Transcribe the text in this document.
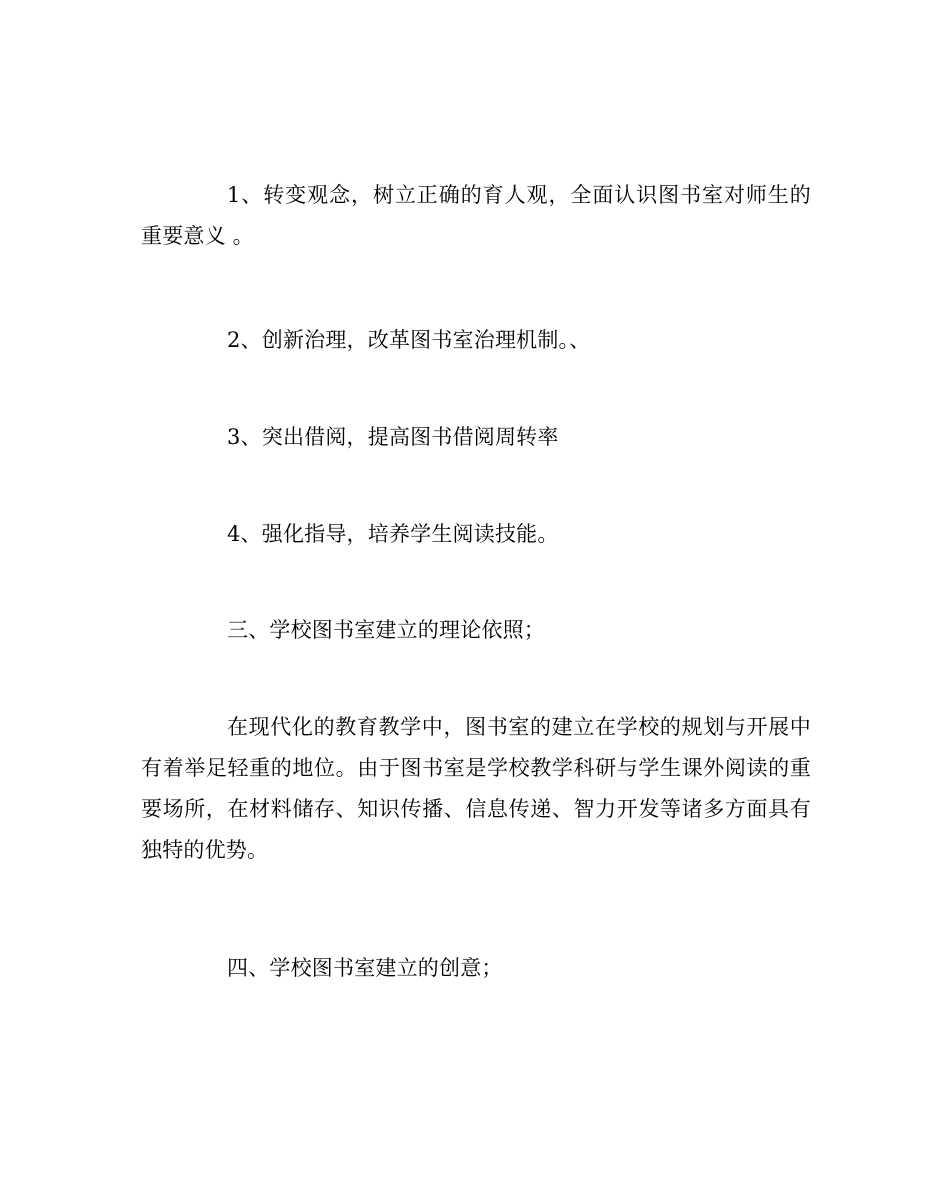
1、转变观念，树立正确的育人观，全面认识图书室对师生的重要意义 。

2、创新治理，改革图书室治理机制。、

3、突出借阅，提高图书借阅周转率

4、强化指导，培养学生阅读技能。

三、学校图书室建立的理论依照；

在现代化的教育教学中，图书室的建立在学校的规划与开展中有着举足轻重的地位。由于图书室是学校教学科研与学生课外阅读的重要场所，在材料储存、知识传播、信息传递、智力开发等诸多方面具有独特的优势。

四、学校图书室建立的创意；
